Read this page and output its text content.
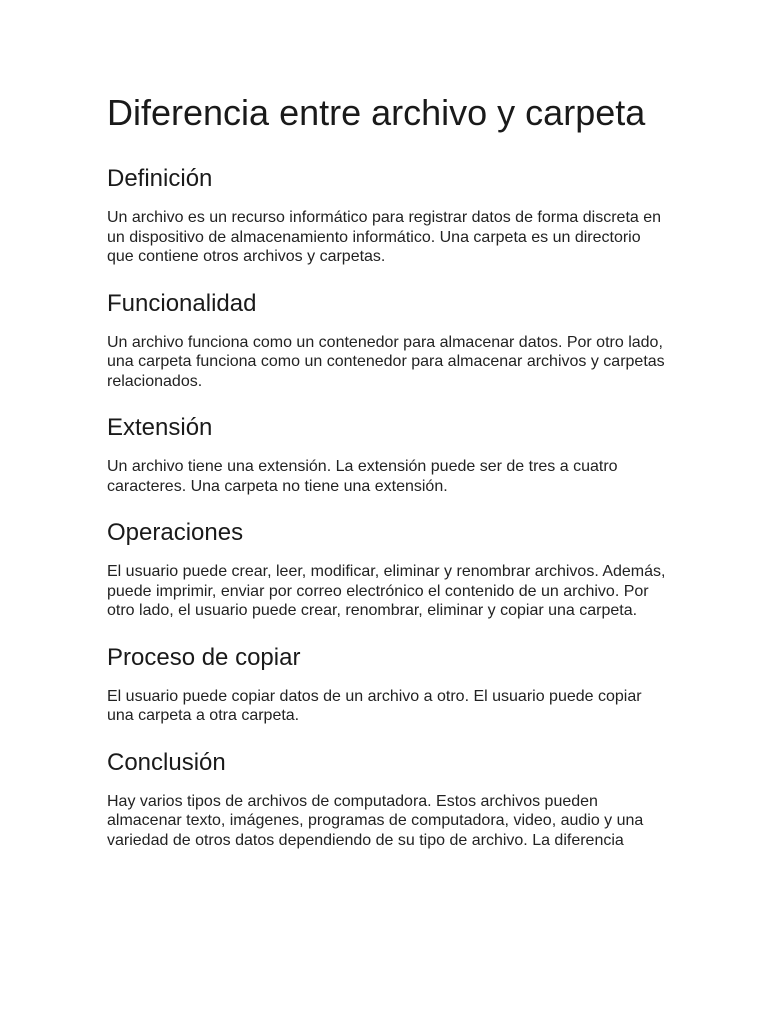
Diferencia entre archivo y carpeta
Definición

Un archivo es un recurso informático para registrar datos de forma discreta en un dispositivo de almacenamiento informático. Una carpeta es un directorio que contiene otros archivos y carpetas.

Funcionalidad

Un archivo funciona como un contenedor para almacenar datos. Por otro lado, una carpeta funciona como un contenedor para almacenar archivos y carpetas relacionados.

Extensión

Un archivo tiene una extensión. La extensión puede ser de tres a cuatro caracteres. Una carpeta no tiene una extensión.

Operaciones

El usuario puede crear, leer, modificar, eliminar y renombrar archivos. Además, puede imprimir, enviar por correo electrónico el contenido de un archivo. Por otro lado, el usuario puede crear, renombrar, eliminar y copiar una carpeta.

Proceso de copiar

El usuario puede copiar datos de un archivo a otro. El usuario puede copiar una carpeta a otra carpeta.

Conclusión

Hay varios tipos de archivos de computadora. Estos archivos pueden almacenar texto, imágenes, programas de computadora, video, audio y una variedad de otros datos dependiendo de su tipo de archivo. La diferencia
